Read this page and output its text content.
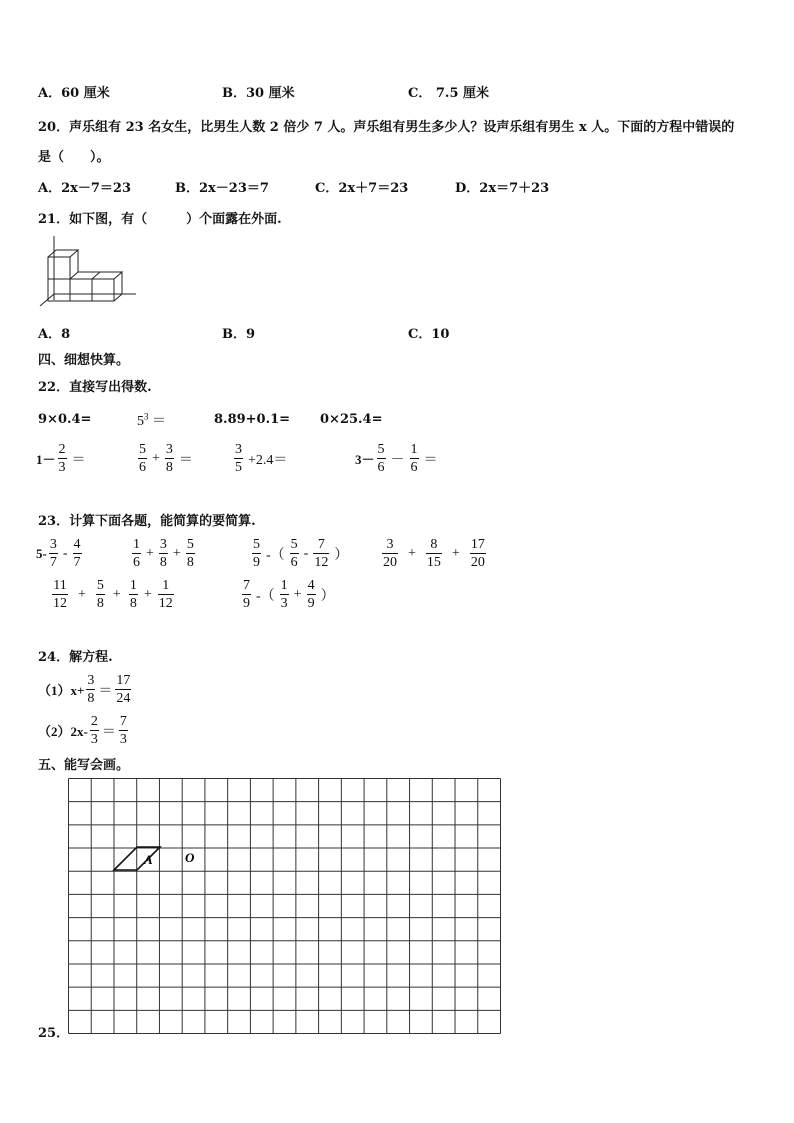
A．60 厘米	B．30 厘米	C． 7.5 厘米
20．声乐组有 23 名女生，比男生人数 2 倍少 7 人。声乐组有男生多少人？设声乐组有男生 x 人。下面的方程中错误的
是（　　）。
A．2x－7＝23	B．2x－23＝7	C．2x＋7＝23	D．2x＝7＋23
21．如下图，有（　　　）个面露在外面.
A．8	B．9	C．10
四、细想快算。
22．直接写出得数.
9×0.4=	$5^3$ ＝	8.89+0.1= 0×25.4=
$1- \frac{2}{3}$ ＝	$\frac{5}{6} + \frac{3}{8}$ ＝	$\frac{3}{5} +2.4=$	$3- \frac{5}{6} - \frac{1}{6}$ ＝
23．计算下面各题，能简算的要简算.
$5- \frac{3}{7} - \frac{4}{7}$	$\frac{1}{6} + \frac{3}{8} + \frac{5}{8}$	$\frac{5}{9}$ -（ $\frac{5}{6} - \frac{7}{12}$ ） $\frac{3}{20} + \frac{8}{15} + \frac{17}{20}$
$\frac{11}{12} + \frac{5}{8} + \frac{1}{8} + \frac{1}{12}$	$\frac{7}{9}$ -（ $\frac{1}{3} + \frac{4}{9}$ ）
24．解方程.
$(1)x+ \frac{3}{8} = \frac{17}{24}$
$(2)2x- \frac{2}{3} = \frac{7}{3}$
五、能写会画。
A O
25．
